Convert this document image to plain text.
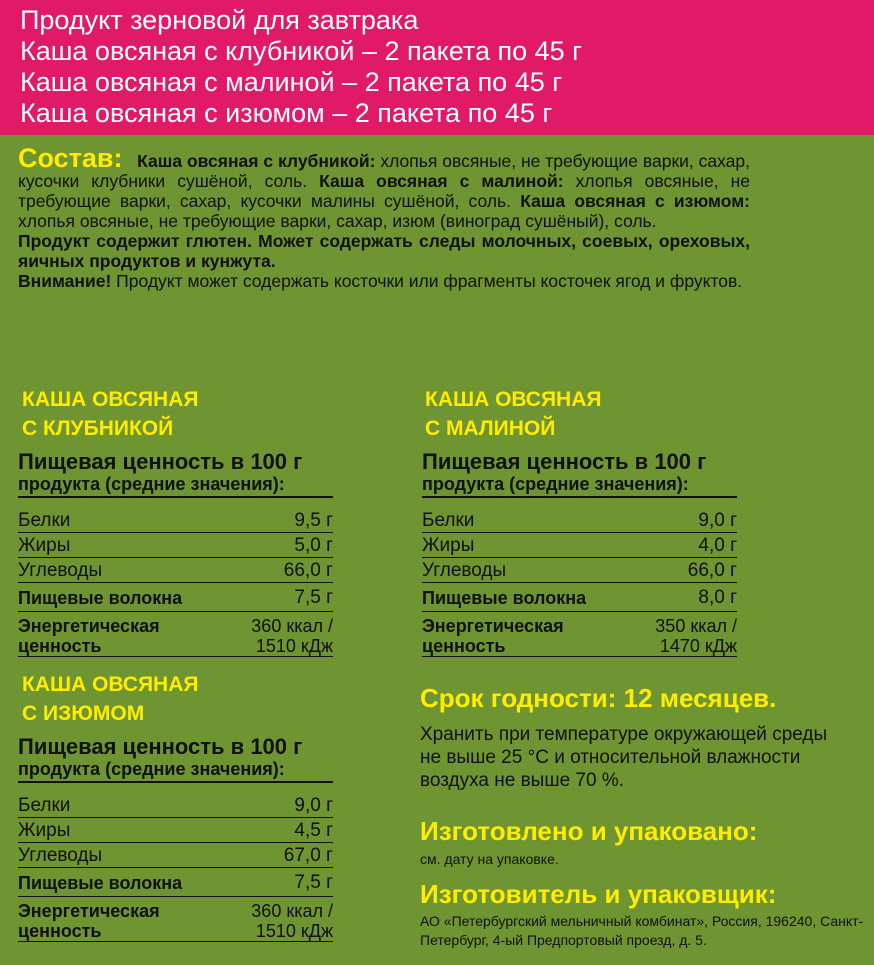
Продукт зерновой для завтрака
Каша овсяная с клубникой – 2 пакета по 45 г
Каша овсяная с малиной – 2 пакета по 45 г
Каша овсяная с изюмом – 2 пакета по 45 г

Состав: Каша овсяная с клубникой: хлопья овсяные, не требующие варки, сахар, кусочки клубники сушёной, соль. Каша овсяная с малиной: хлопья овсяные, не требующие варки, сахар, кусочки малины сушёной, соль. Каша овсяная с изюмом: хлопья овсяные, не требующие варки, сахар, изюм (виноград сушёный), соль.

Продукт содержит глютен. Может содержать следы молочных, соевых, ореховых, яичных продуктов и кунжута.

Внимание! Продукт может содержать косточки или фрагменты косточек ягод и фруктов.

КАША ОВСЯНАЯ
С КЛУБНИКОЙ
Пищевая ценность в 100 г
продукта (средние значения):
Белки	9,5 г
Жиры	5,0 г
Углеводы	66,0 г
Пищевые волокна	7,5 г
Энергетическая ценность
360 ккал /
1510 кДж
КАША ОВСЯНАЯ
С МАЛИНОЙ
Пищевая ценность в 100 г
продукта (средние значения):
Белки	9,0 г
Жиры	4,0 г
Углеводы	66,0 г
Пищевые волокна	8,0 г
Энергетическая ценность
350 ккал /
1470 кДж
КАША ОВСЯНАЯ
С ИЗЮМОМ
Пищевая ценность в 100 г
продукта (средние значения):
Белки	9,0 г
Жиры	4,5 г
Углеводы	67,0 г
Пищевые волокна	7,5 г
Энергетическая ценность
360 ккал /
1510 кДж
Срок годности: 12 месяцев.
Хранить при температуре окружающей среды не выше 25 °С и относительной влажности воздуха не выше 70 %.
Изготовлено и упаковано:
см. дату на упаковке.
Изготовитель и упаковщик:
АО «Петербургский мельничный комбинат», Россия, 196240, Санкт-Петербург, 4-ый Предпортовый проезд, д. 5.
